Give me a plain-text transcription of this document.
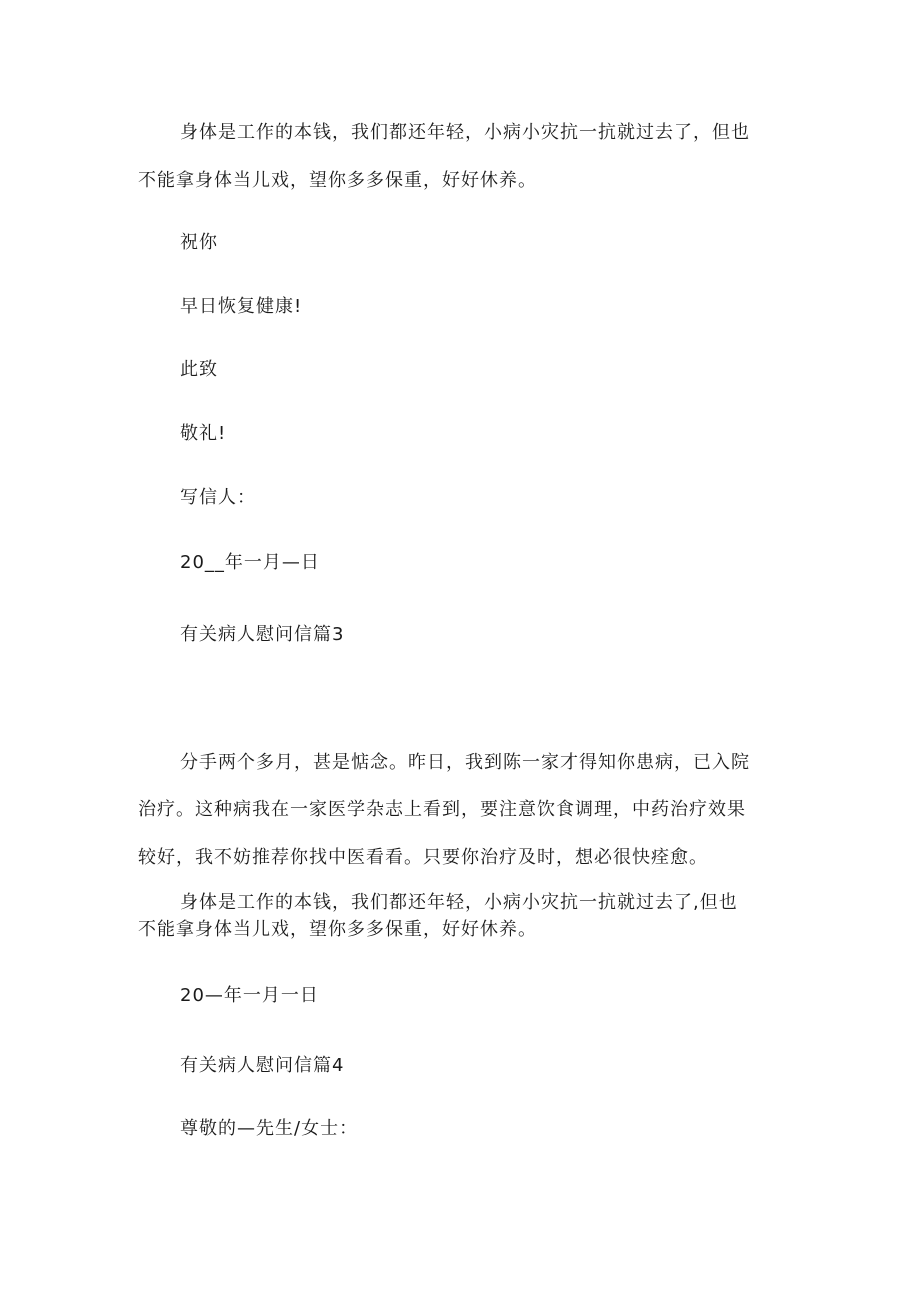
身体是工作的本钱，我们都还年轻，小病小灾抗一抗就过去了，但也
不能拿身体当儿戏，望你多多保重，好好休养。
祝你
早日恢复健康!
此致
敬礼!
写信人：
20__年一月—日
有关病人慰问信篇3
分手两个多月，甚是惦念。昨日，我到陈一家才得知你患病，已入院
治疗。这种病我在一家医学杂志上看到，要注意饮食调理，中药治疗效果
较好，我不妨推荐你找中医看看。只要你治疗及时，想必很快痊愈。
身体是工作的本钱，我们都还年轻，小病小灾抗一抗就过去了,但也
不能拿身体当儿戏，望你多多保重，好好休养。
20—年一月一日
有关病人慰问信篇4
尊敬的—先生/女士：
